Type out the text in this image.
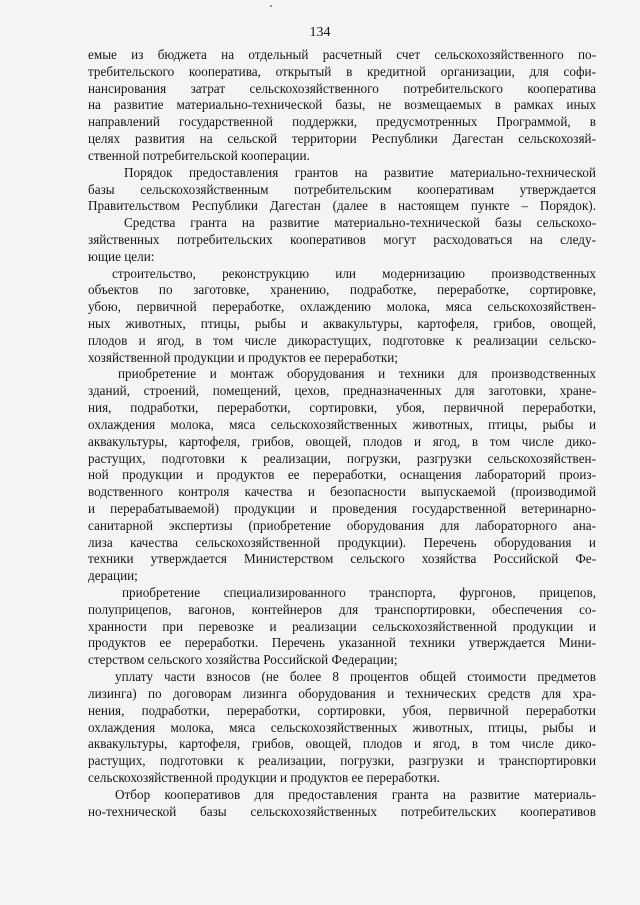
134
емые из бюджета на отдельный расчетный счет сельскохозяйственного по-
требительского кооператива, открытый в кредитной организации, для софи-
нансирования затрат сельскохозяйственного потребительского кооператива
на развитие материально-технической базы, не возмещаемых в рамках иных
направлений государственной поддержки, предусмотренных Программой, в
целях развития на сельской территории Республики Дагестан сельскохозяй-
ственной потребительской кооперации.
Порядок предоставления грантов на развитие материально-технической
базы сельскохозяйственным потребительским кооперативам утверждается
Правительством Республики Дагестан (далее в настоящем пункте – Порядок).
Средства гранта на развитие материально-технической базы сельскохо-
зяйственных потребительских кооперативов могут расходоваться на следу-
ющие цели:
строительство, реконструкцию или модернизацию производственных
объектов по заготовке, хранению, подработке, переработке, сортировке,
убою, первичной переработке, охлаждению молока, мяса сельскохозяйствен-
ных животных, птицы, рыбы и аквакультуры, картофеля, грибов, овощей,
плодов и ягод, в том числе дикорастущих, подготовке к реализации сельско-
хозяйственной продукции и продуктов ее переработки;
приобретение и монтаж оборудования и техники для производственных
зданий, строений, помещений, цехов, предназначенных для заготовки, хране-
ния, подработки, переработки, сортировки, убоя, первичной переработки,
охлаждения молока, мяса сельскохозяйственных животных, птицы, рыбы и
аквакультуры, картофеля, грибов, овощей, плодов и ягод, в том числе дико-
растущих, подготовки к реализации, погрузки, разгрузки сельскохозяйствен-
ной продукции и продуктов ее переработки, оснащения лабораторий произ-
водственного контроля качества и безопасности выпускаемой (производимой
и перерабатываемой) продукции и проведения государственной ветеринарно-
санитарной экспертизы (приобретение оборудования для лабораторного ана-
лиза качества сельскохозяйственной продукции). Перечень оборудования и
техники утверждается Министерством сельского хозяйства Российской Фе-
дерации;
приобретение специализированного транспорта, фургонов, прицепов,
полуприцепов, вагонов, контейнеров для транспортировки, обеспечения со-
хранности при перевозке и реализации сельскохозяйственной продукции и
продуктов ее переработки. Перечень указанной техники утверждается Мини-
стерством сельского хозяйства Российской Федерации;
уплату части взносов (не более 8 процентов общей стоимости предметов
лизинга) по договорам лизинга оборудования и технических средств для хра-
нения, подработки, переработки, сортировки, убоя, первичной переработки
охлаждения молока, мяса сельскохозяйственных животных, птицы, рыбы и
аквакультуры, картофеля, грибов, овощей, плодов и ягод, в том числе дико-
растущих, подготовки к реализации, погрузки, разгрузки и транспортировки
сельскохозяйственной продукции и продуктов ее переработки.
Отбор кооперативов для предоставления гранта на развитие материаль-
но-технической базы сельскохозяйственных потребительских кооперативов
